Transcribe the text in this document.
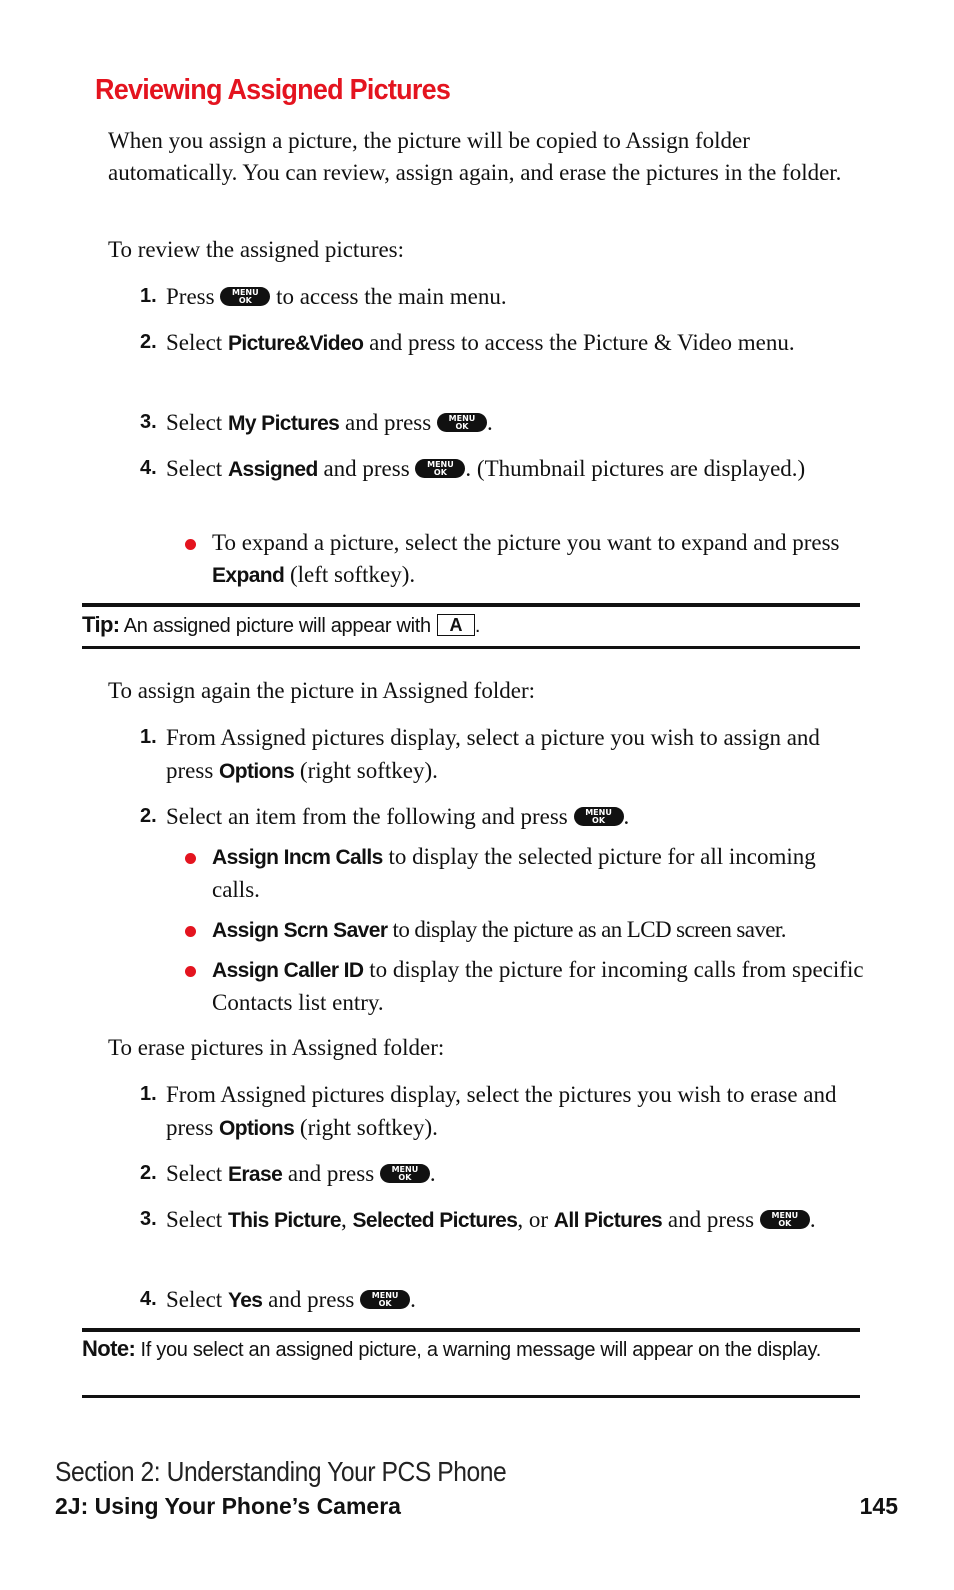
Reviewing Assigned Pictures

When you assign a picture, the picture will be copied to Assign folder automatically. You can review, assign again, and erase the pictures in the folder.

To review the assigned pictures:

1. Press	MENU
OK	to access the main menu.
2. Select Picture&Video and press to access the Picture & Video menu.
3. Select My Pictures and press	MENU
OK .
4. Select Assigned and press	MENU
OK . (Thumbnail pictures are displayed.)
To expand a picture, select the picture you want to expand and press Expand (left softkey).
Tip: An assigned picture will appear with A .

To assign again the picture in Assigned folder:

1. From Assigned pictures display, select a picture you wish to assign and press Options (right softkey).
2. Select an item from the following and press	MENU
OK .
Assign Incm Calls to display the selected picture for all incoming calls.
Assign Scrn Saver to display the picture as an LCD screen saver.
Assign Caller ID to display the picture for incoming calls from specific Contacts list entry.

To erase pictures in Assigned folder:

1. From Assigned pictures display, select the pictures you wish to erase and press Options (right softkey).
2. Select Erase and press	MENU
OK .
3. Select This Picture, Selected Pictures, or All Pictures and press	MENU
OK .
4. Select Yes and press	MENU
OK .
Note: If you select an assigned picture, a warning message will appear on the display.
Section 2: Understanding Your PCS Phone
2J: Using Your Phone’s Camera	145
